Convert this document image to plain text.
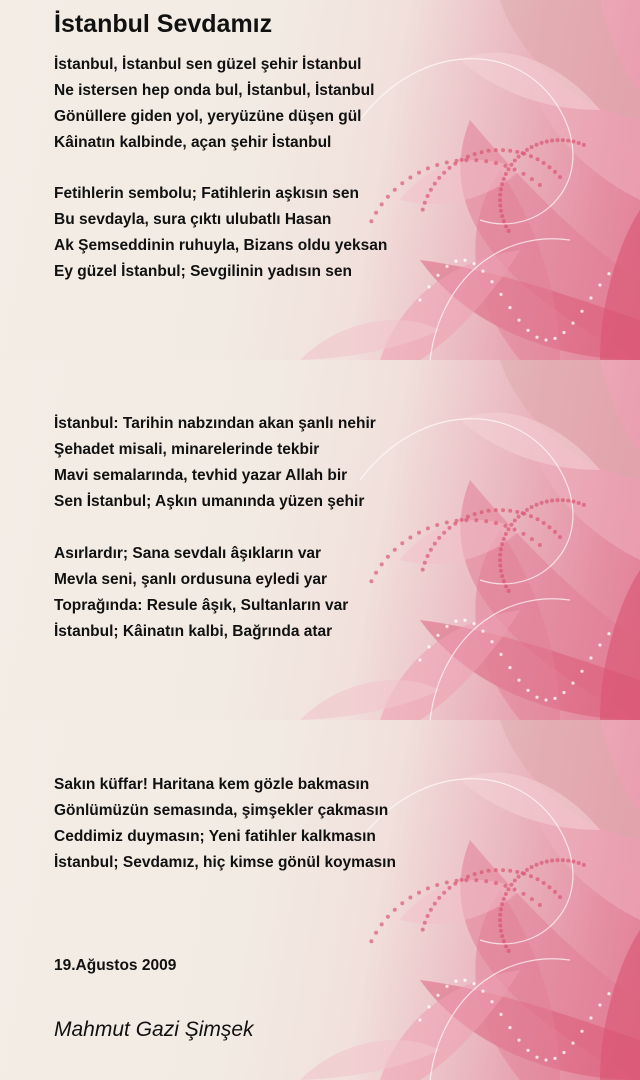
İstanbul Sevdamız
İstanbul, İstanbul sen güzel şehir İstanbul
Ne istersen hep onda bul, İstanbul, İstanbul
Gönüllere giden yol, yeryüzüne düşen gül
Kâinatın kalbinde, açan şehir İstanbul
Fetihlerin sembolu; Fatihlerin aşkısın sen
Bu sevdayla, sura çıktı ulubatlı Hasan
Ak Şemseddinin ruhuyla, Bizans oldu yeksan
Ey güzel İstanbul; Sevgilinin yadısın sen
İstanbul: Tarihin nabzından akan şanlı nehir
Şehadet misali, minarelerinde tekbir
Mavi semalarında, tevhid yazar Allah bir
Sen İstanbul; Aşkın umanında yüzen şehir
Asırlardır; Sana sevdalı âşıkların var
Mevla seni, şanlı ordusuna eyledi yar
Toprağında: Resule âşık, Sultanların var
İstanbul; Kâinatın kalbi, Bağrında atar
Sakın küffar! Haritana kem gözle bakmasın
Gönlümüzün semasında, şimşekler çakmasın
Ceddimiz duymasın; Yeni fatihler kalkmasın
İstanbul; Sevdamız, hiç kimse gönül koymasın
19.Ağustos 2009
Mahmut Gazi Şimşek
